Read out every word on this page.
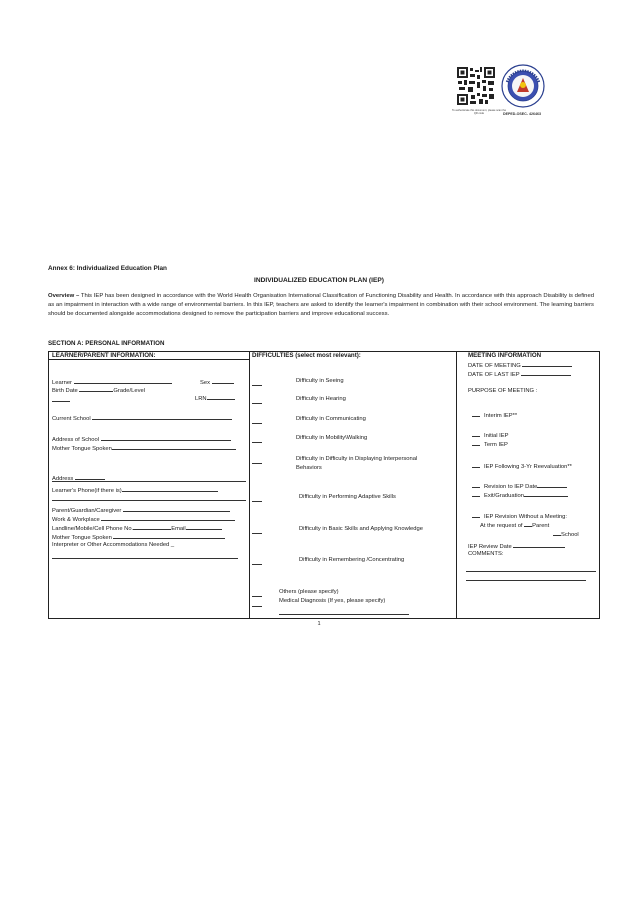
To authenticate this document, please scan the QR code	DEPED-OSEC- 426463
Annex 6: Individualized Education Plan
INDIVIDUALIZED EDUCATION PLAN (IEP)
Overview – This IEP has been designed in accordance with the World Health Organisation International Classification of Functioning Disability and Health. In accordance with this approach Disability is defined as an impairment in interaction with a wide range of environmental barriers. In this IEP, teachers are asked to identify the learner's impairment in combination with their school environment. The learning barriers should be documented alongside accommodations designed to remove the participation barriers and improve educational success.
SECTION A: PERSONAL INFORMATION
LEARNER/PARENT INFORMATION:
Learner	Sex
Birth Date	Grade/Level
LRN
Current School
Address of School
Mother Tongue Spoken
Address
Learner's Phone(if there is)
Parent/Guardian/Caregiver
Work & Workplace
Landline/Mobile/Cell Phone No.	Email
Mother Tongue Spoken
Interpreter or Other Accommodations Needed _
DIFFICULTIES (select most relevant):
Difficulty in Seeing
Difficulty in Hearing
Difficulty in Communicating
Difficulty in Mobility\Walking
Difficulty in Difficulty in Displaying Interpersonal
Behaviors
Difficulty in Performing Adaptive Skills
Difficulty in Basic Skills and Applying Knowledge
Difficulty in Remembering /Concentrating
Others (please specify)
Medical Diagnosis (If yes, please specify)
MEETING INFORMATION
DATE OF MEETING
DATE OF LAST IEP
PURPOSE OF MEETING :
Interim IEP**
Initial IEP
Term IEP
IEP Following 3-Yr Reevaluation**
Revision to IEP Date
Exit/Graduation
IEP Revision Without a Meeting:
At the request of Parent
School
IEP Review Date
COMMENTS:
1
